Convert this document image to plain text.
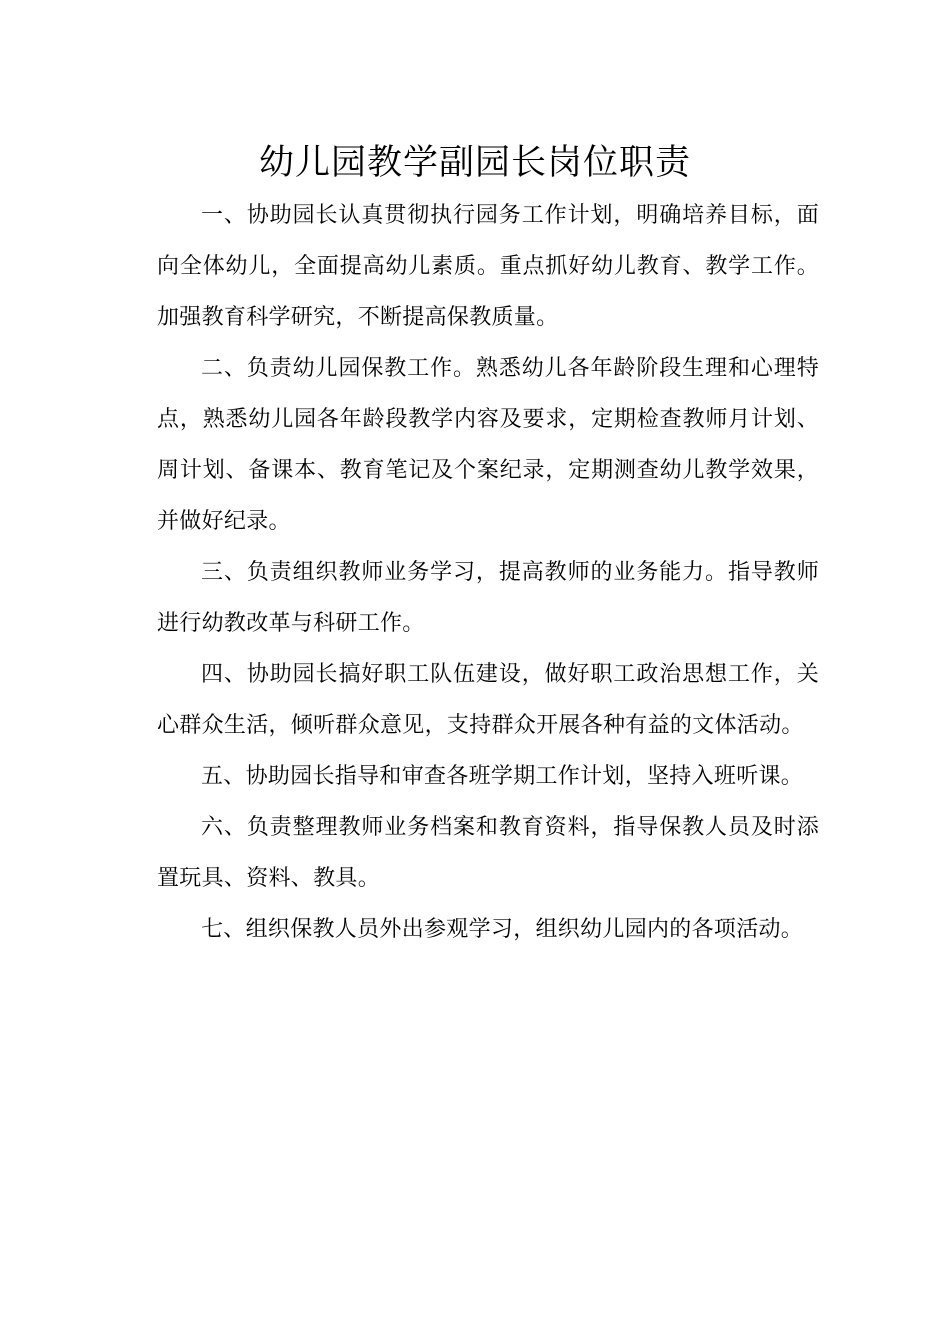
幼儿园教学副园长岗位职责

一、协助园长认真贯彻执行园务工作计划，明确培养目标，面向全体幼儿，全面提高幼儿素质。重点抓好幼儿教育、教学工作。加强教育科学研究，不断提高保教质量。

二、负责幼儿园保教工作。熟悉幼儿各年龄阶段生理和心理特点，熟悉幼儿园各年龄段教学内容及要求，定期检查教师月计划、周计划、备课本、教育笔记及个案纪录，定期测查幼儿教学效果，并做好纪录。

三、负责组织教师业务学习，提高教师的业务能力。指导教师进行幼教改革与科研工作。

四、协助园长搞好职工队伍建设，做好职工政治思想工作，关心群众生活，倾听群众意见，支持群众开展各种有益的文体活动。

五、协助园长指导和审查各班学期工作计划，坚持入班听课。

六、负责整理教师业务档案和教育资料，指导保教人员及时添置玩具、资料、教具。

七、组织保教人员外出参观学习，组织幼儿园内的各项活动。
